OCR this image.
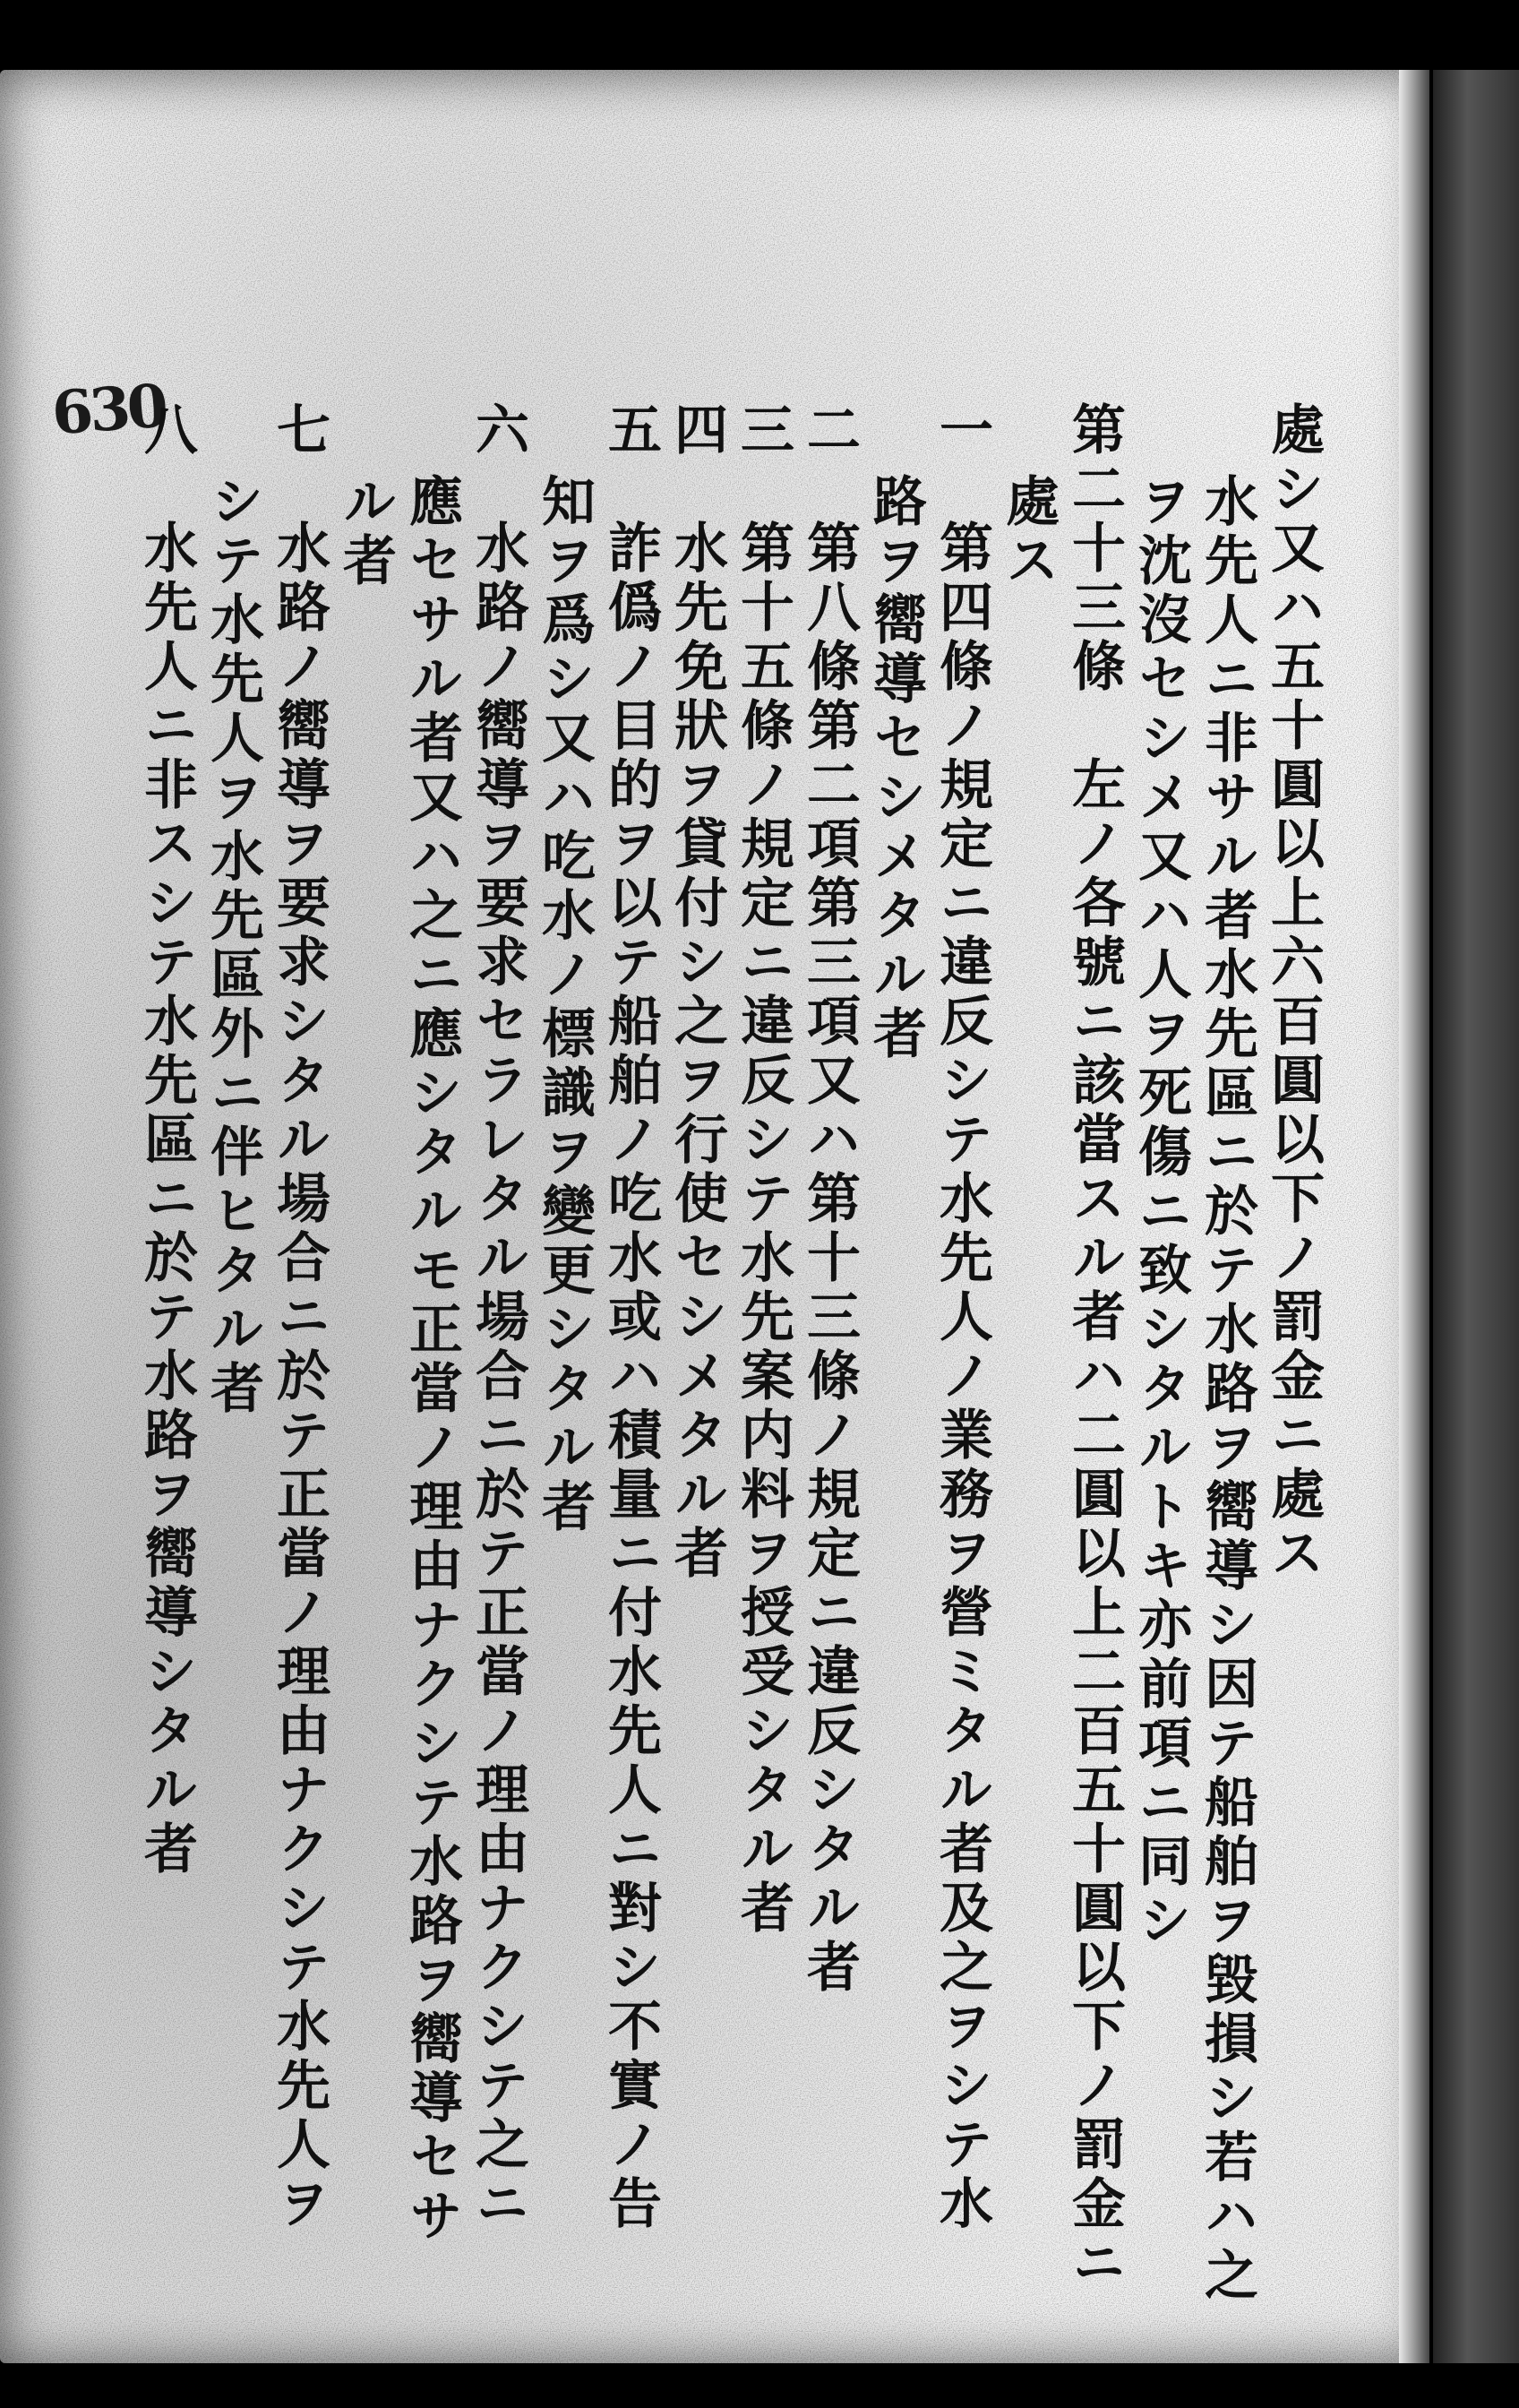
630	處シ又ハ五十圓以上六百圓以下ノ罰金ニ處ス
水先人ニ非サル者水先區ニ於テ水路ヲ嚮導シ因テ船舶ヲ毀損シ若ハ之
ヲ沈沒セシメ又ハ人ヲ死傷ニ致シタルトキ亦前項ニ同シ
第二十三條　左ノ各號ニ該當スル者ハ二圓以上二百五十圓以下ノ罰金ニ
處ス
一　第四條ノ規定ニ違反シテ水先人ノ業務ヲ營ミタル者及之ヲシテ水
路ヲ嚮導セシメタル者
二　第八條第二項第三項又ハ第十三條ノ規定ニ違反シタル者
三　第十五條ノ規定ニ違反シテ水先案内料ヲ授受シタル者
四　水先免狀ヲ貸付シ之ヲ行使セシメタル者
五　詐僞ノ目的ヲ以テ船舶ノ吃水或ハ積量ニ付水先人ニ對シ不實ノ告
知ヲ爲シ又ハ吃水ノ標識ヲ變更シタル者
六　水路ノ嚮導ヲ要求セラレタル場合ニ於テ正當ノ理由ナクシテ之ニ
應セサル者又ハ之ニ應シタルモ正當ノ理由ナクシテ水路ヲ嚮導セサ
ル者
七　水路ノ嚮導ヲ要求シタル場合ニ於テ正當ノ理由ナクシテ水先人ヲ
シテ水先人ヲ水先區外ニ伴ヒタル者
八　水先人ニ非スシテ水先區ニ於テ水路ヲ嚮導シタル者
